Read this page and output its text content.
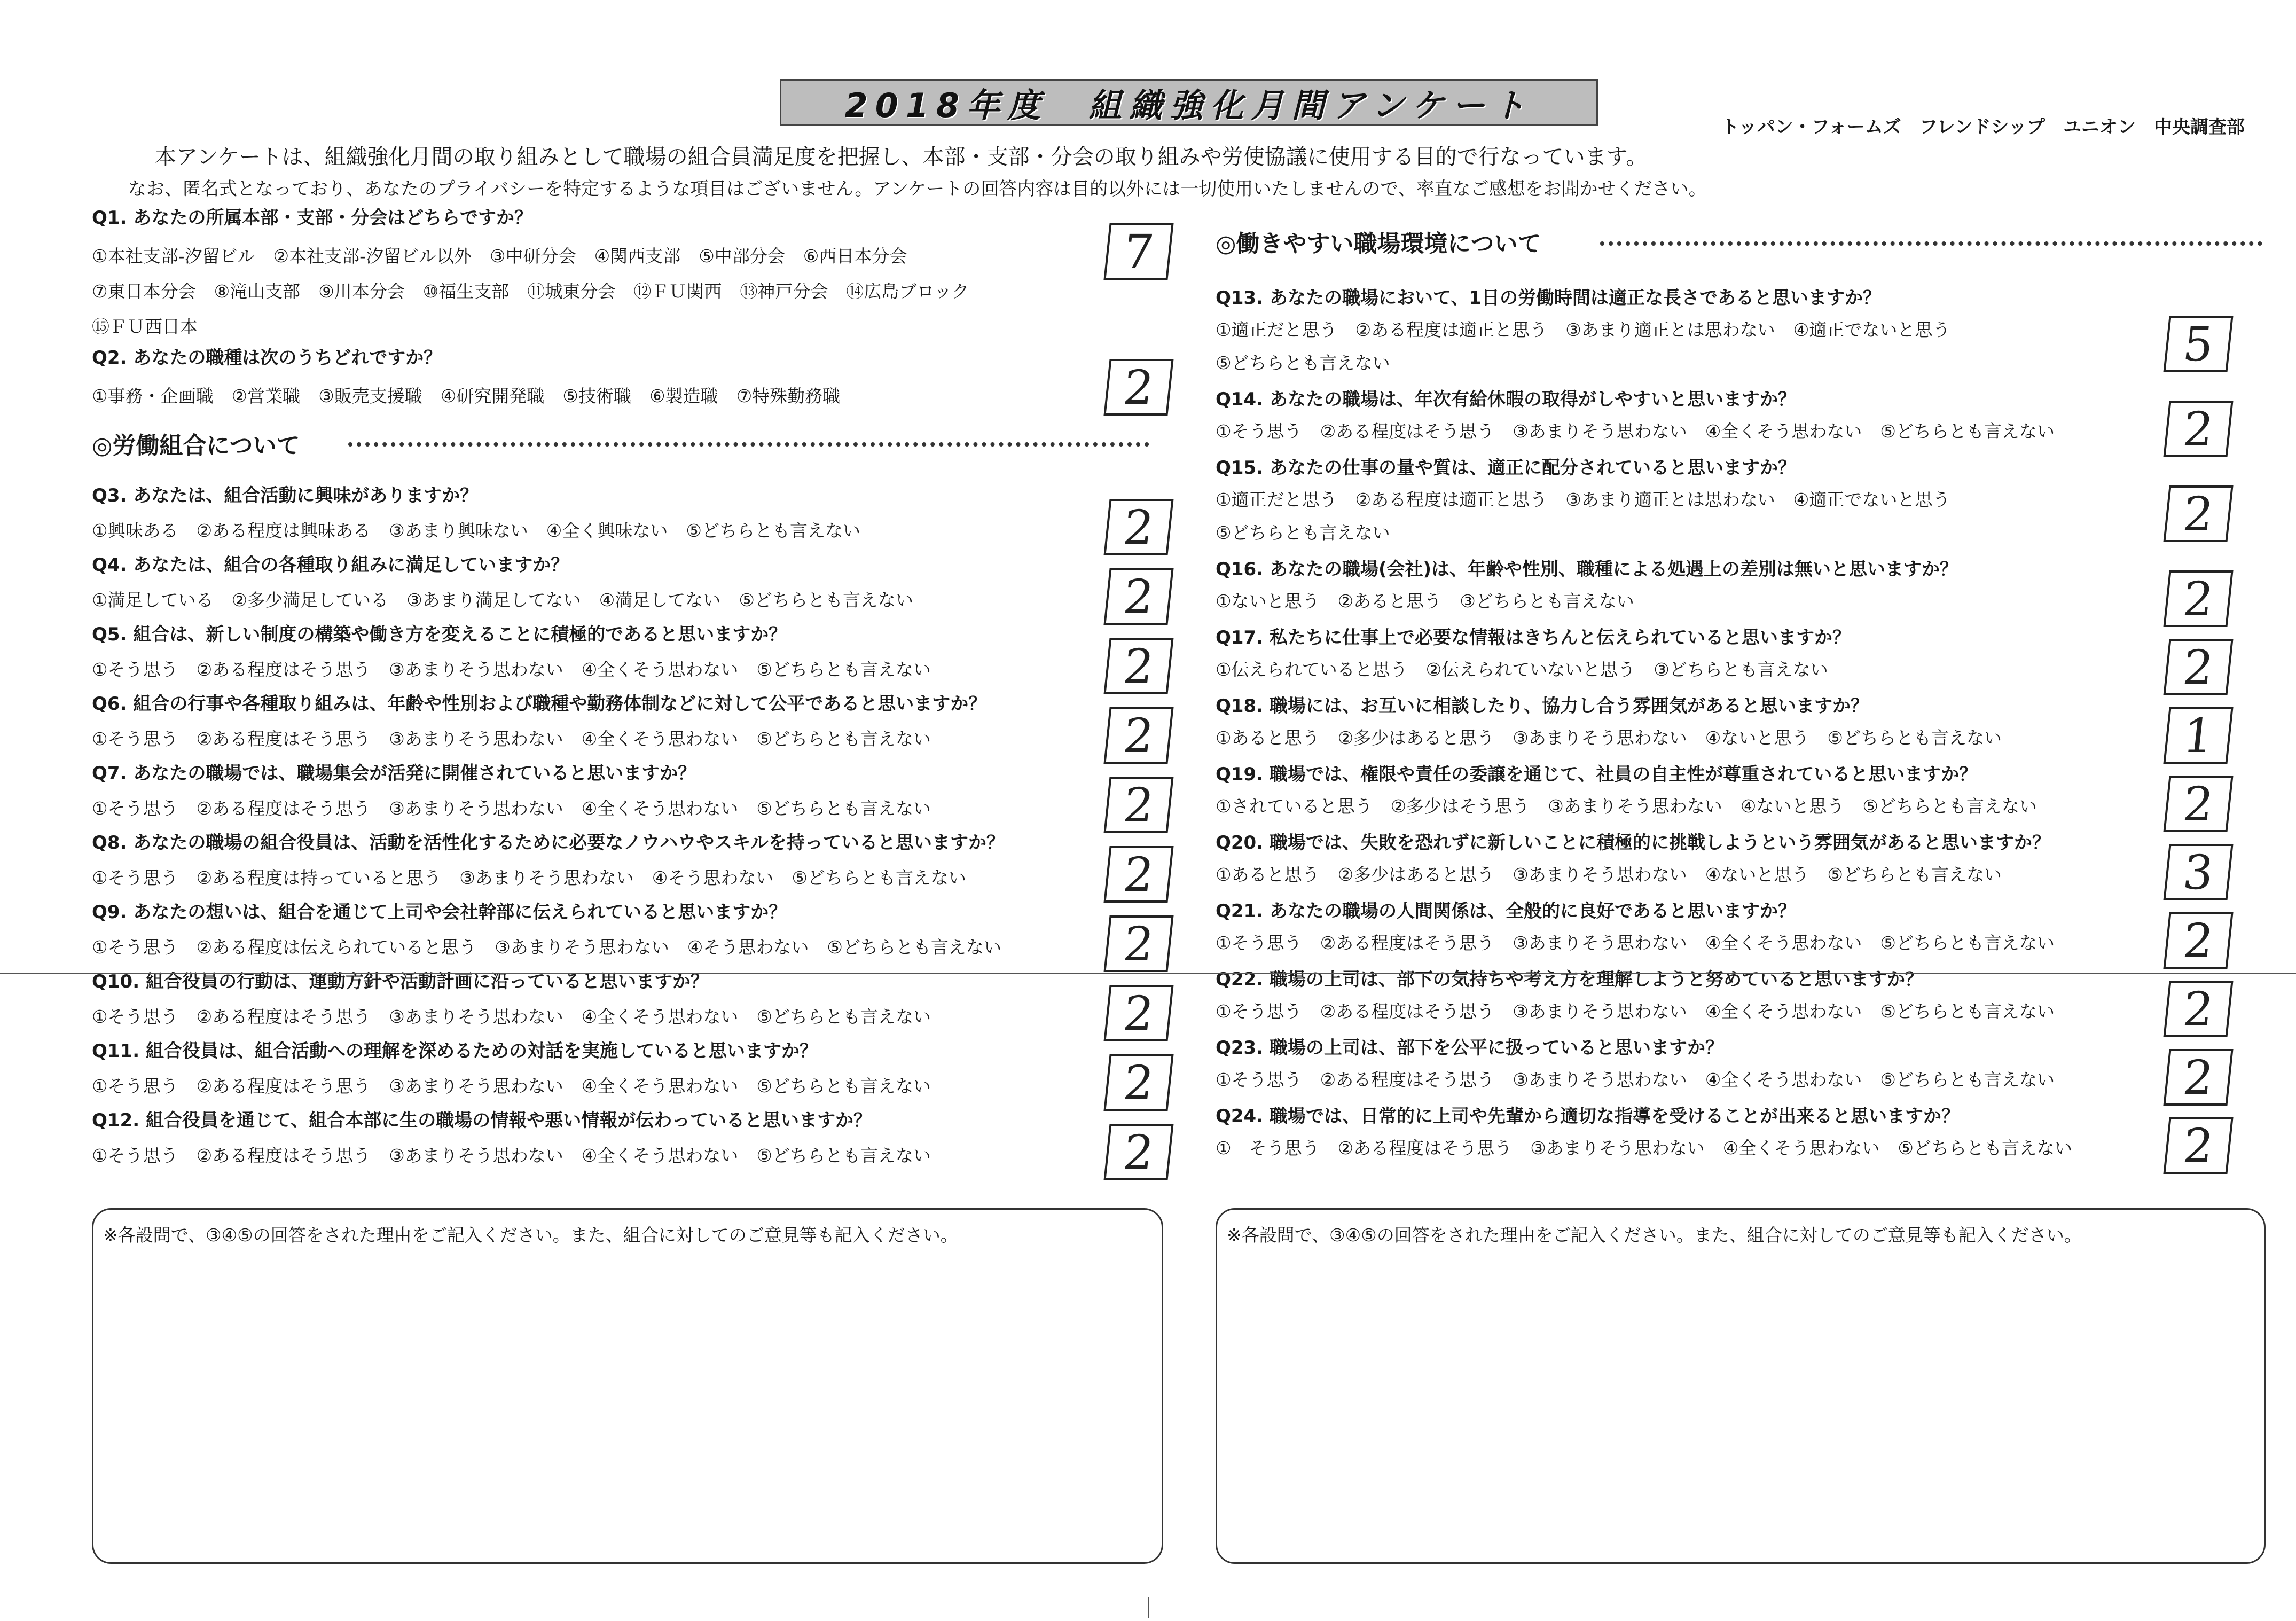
2018年度　組織強化月間アンケート
トッパン・フォームズ　フレンドシップ　ユニオン　中央調査部
本アンケートは、組織強化月間の取り組みとして職場の組合員満足度を把握し、本部・支部・分会の取り組みや労使協議に使用する目的で行なっています。
なお、匿名式となっており、あなたのプライバシーを特定するような項目はございません。アンケートの回答内容は目的以外には一切使用いたしませんので、率直なご感想をお聞かせください。
Q1. あなたの所属本部・支部・分会はどちらですか？
①本社支部-汐留ビル ②本社支部-汐留ビル以外 ③中研分会 ④関西支部 ⑤中部分会 ⑥西日本分会
⑦東日本分会 ⑧滝山支部 ⑨川本分会 ⑩福生支部 ⑪城東分会 ⑫ＦＵ関西 ⑬神戸分会 ⑭広島ブロック
⑮ＦＵ西日本
7
Q2. あなたの職種は次のうちどれですか？
①事務・企画職 ②営業職 ③販売支援職 ④研究開発職 ⑤技術職 ⑥製造職 ⑦特殊勤務職	2
◎労働組合について
Q3. あなたは、組合活動に興味がありますか？
①興味ある ②ある程度は興味ある ③あまり興味ない ④全く興味ない ⑤どちらとも言えない	2
Q4. あなたは、組合の各種取り組みに満足していますか？
①満足している ②多少満足している ③あまり満足してない ④満足してない ⑤どちらとも言えない	2
Q5. 組合は、新しい制度の構築や働き方を変えることに積極的であると思いますか？
①そう思う ②ある程度はそう思う ③あまりそう思わない ④全くそう思わない ⑤どちらとも言えない	2
Q6. 組合の行事や各種取り組みは、年齢や性別および職種や勤務体制などに対して公平であると思いますか？
①そう思う ②ある程度はそう思う ③あまりそう思わない ④全くそう思わない ⑤どちらとも言えない	2
Q7. あなたの職場では、職場集会が活発に開催されていると思いますか？
①そう思う ②ある程度はそう思う ③あまりそう思わない ④全くそう思わない ⑤どちらとも言えない	2
Q8. あなたの職場の組合役員は、活動を活性化するために必要なノウハウやスキルを持っていると思いますか？
①そう思う ②ある程度は持っていると思う ③あまりそう思わない ④そう思わない ⑤どちらとも言えない	2
Q9. あなたの想いは、組合を通じて上司や会社幹部に伝えられていると思いますか？
①そう思う ②ある程度は伝えられていると思う ③あまりそう思わない ④そう思わない ⑤どちらとも言えない	2
Q10. 組合役員の行動は、運動方針や活動計画に沿っていると思いますか？
①そう思う ②ある程度はそう思う ③あまりそう思わない ④全くそう思わない ⑤どちらとも言えない	2
Q11. 組合役員は、組合活動への理解を深めるための対話を実施していると思いますか？
①そう思う ②ある程度はそう思う ③あまりそう思わない ④全くそう思わない ⑤どちらとも言えない	2
Q12. 組合役員を通じて、組合本部に生の職場の情報や悪い情報が伝わっていると思いますか？
①そう思う ②ある程度はそう思う ③あまりそう思わない ④全くそう思わない ⑤どちらとも言えない	2
※各設問で、③④⑤の回答をされた理由をご記入ください。また、組合に対してのご意見等も記入ください。
◎働きやすい職場環境について
Q13. あなたの職場において、1日の労働時間は適正な長さであると思いますか？
①適正だと思う ②ある程度は適正と思う ③あまり適正とは思わない ④適正でないと思う
⑤どちらとも言えない	5
Q14. あなたの職場は、年次有給休暇の取得がしやすいと思いますか？
①そう思う ②ある程度はそう思う ③あまりそう思わない ④全くそう思わない ⑤どちらとも言えない	2
Q15. あなたの仕事の量や質は、適正に配分されていると思いますか？
①適正だと思う ②ある程度は適正と思う ③あまり適正とは思わない ④適正でないと思う
⑤どちらとも言えない	2
Q16. あなたの職場(会社)は、年齢や性別、職種による処遇上の差別は無いと思いますか？
①ないと思う ②あると思う ③どちらとも言えない	2
Q17. 私たちに仕事上で必要な情報はきちんと伝えられていると思いますか？
①伝えられていると思う ②伝えられていないと思う ③どちらとも言えない	2
Q18. 職場には、お互いに相談したり、協力し合う雰囲気があると思いますか？
①あると思う ②多少はあると思う ③あまりそう思わない ④ないと思う ⑤どちらとも言えない	1
Q19. 職場では、権限や責任の委譲を通じて、社員の自主性が尊重されていると思いますか？
①されていると思う ②多少はそう思う ③あまりそう思わない ④ないと思う ⑤どちらとも言えない	2
Q20. 職場では、失敗を恐れずに新しいことに積極的に挑戦しようという雰囲気があると思いますか？
①あると思う ②多少はあると思う ③あまりそう思わない ④ないと思う ⑤どちらとも言えない	3
Q21. あなたの職場の人間関係は、全般的に良好であると思いますか？
①そう思う ②ある程度はそう思う ③あまりそう思わない ④全くそう思わない ⑤どちらとも言えない	2
Q22. 職場の上司は、部下の気持ちや考え方を理解しようと努めていると思いますか？
①そう思う ②ある程度はそう思う ③あまりそう思わない ④全くそう思わない ⑤どちらとも言えない	2
Q23. 職場の上司は、部下を公平に扱っていると思いますか？
①そう思う ②ある程度はそう思う ③あまりそう思わない ④全くそう思わない ⑤どちらとも言えない	2
Q24. 職場では、日常的に上司や先輩から適切な指導を受けることが出来ると思いますか？
①　そう思う ②ある程度はそう思う ③あまりそう思わない ④全くそう思わない ⑤どちらとも言えない	2
※各設問で、③④⑤の回答をされた理由をご記入ください。また、組合に対してのご意見等も記入ください。
